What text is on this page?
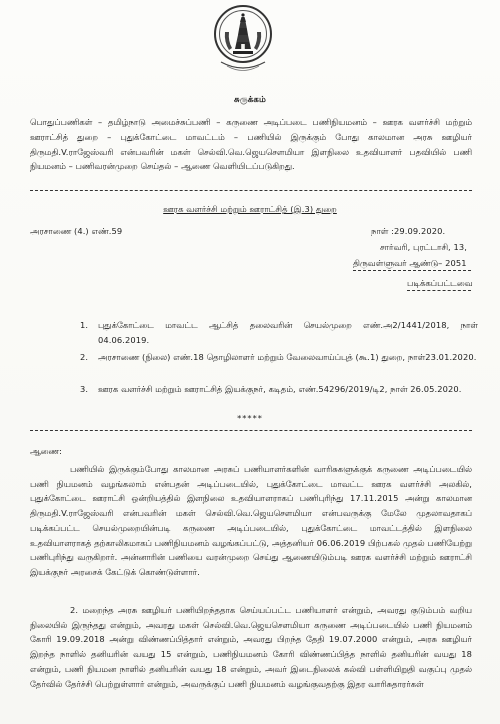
சுருக்கம்
பொதுப்பணிகள் – தமிழ்நாடு அமைச்சுப்பணி – கருணை அடிப்படை பணிநியமனம் – ஊரக வளர்ச்சி மற்றும் ஊராட்சித் துறை – புதுக்கோட்டை மாவட்டம் – பணியில் இருக்கும் போது காலமான அரசு ஊழியர் திருமதி.V.ராஜேஸ்வரி என்பவரின் மகள் செல்வி.வெ.ஜெயசௌமியா இளநிலை உதவியாளர் பதவியில் பணி நியமனம் – பணிவரன்முறை செய்தல் – ஆணை வெளியிடப்படுகிறது.
ஊரக வளர்ச்சி மற்றும் ஊராட்சித் (இ.3) துறை
அரசாணை (4.) எண்.59	நாள் :29.09.2020.
சார்வரி, புரட்டாசி, 13,
திருவள்ளுவர் ஆண்டு– 2051
படிக்கப்பட்டவை
1. புதுக்கோட்டை மாவட்ட ஆட்சித் தலைவரின் செயல்முறை எண்.அ2/1441/2018, நாள் 04.06.2019.
2. அரசாணை (நிலை) எண்.18 தொழிலாளர் மற்றும் வேலைவாய்ப்புத் (கூ.1) துறை, நாள்23.01.2020.
3. ஊரக வளர்ச்சி மற்றும் ஊராட்சித் இயக்குநர், கடிதம், எண்.54296/2019/டி2, நாள் 26.05.2020.
*****
ஆணை:
பணியில் இருக்கும்போது காலமான அரசுப் பணியாளர்களின் வாரிசுகளுக்குக் கருணை அடிப்படையில் பணி நியமனம் வழங்கலாம் என்பதன் அடிப்படையில், புதுக்கோட்டை மாவட்ட ஊரக வளர்ச்சி அலகில், புதுக்கோட்டை ஊராட்சி ஒன்றியத்தில் இளநிலை உதவியாளராகப் பணிபுரிந்து 17.11.2015 அன்று காலமான திருமதி.V.ராஜேஸ்வரி என்பவரின் மகள் செல்வி.வெ.ஜெயசௌமியா என்பவருக்கு மேலே முதலாவதாகப் படிக்கப்பட்ட செயல்முறையின்படி கருணை அடிப்படையில், புதுக்கோட்டை மாவட்டத்தில் இளநிலை உதவியாளராகத் தற்காலிகமாகப் பணிநியமனம் வழங்கப்பட்டு, அத்தனியர் 06.06.2019 பிற்பகல் முதல் பணியேற்று பணிபுரிந்து வருகிறார். அன்னாரின் பணியை வரன்முறை செய்து ஆணையிடும்படி ஊரக வளர்ச்சி மற்றும் ஊராட்சி இயக்குநர் அரசைக் கேட்டுக் கொண்டுள்ளார்.
2. மறைந்த அரசு ஊழியர் பணியிறந்ததாக செய்யப்பட்ட பணியாளர் என்றும், அவரது குடும்பம் வறிய நிலையில் இருந்தது என்றும், அவரது மகள் செல்வி.வெ.ஜெயசௌமியா கருணை அடிப்படையில் பணி நியமனம் கோரி 19.09.2018 அன்று விண்ணப்பித்தார் என்றும், அவரது பிறந்த தேதி 19.07.2000 என்றும், அரசு ஊழியர் இறந்த நாளில் தனியரின் வயது 15 என்றும், பணிநியமனம் கோரி விண்ணப்பித்த நாளில் தனியரின் வயது 18 என்றும், பணி நியமன நாளில் தனியரின் வயது 18 என்றும், அவர் இடைநிலைக் கல்வி பள்ளியிறுதி வகுப்பு முதல் தேர்வில் தேர்ச்சி பெற்றுள்ளார் என்றும், அவருக்குப் பணி நியமனம் வழங்குவதற்கு இதர வாரிசுதாரர்கள்
